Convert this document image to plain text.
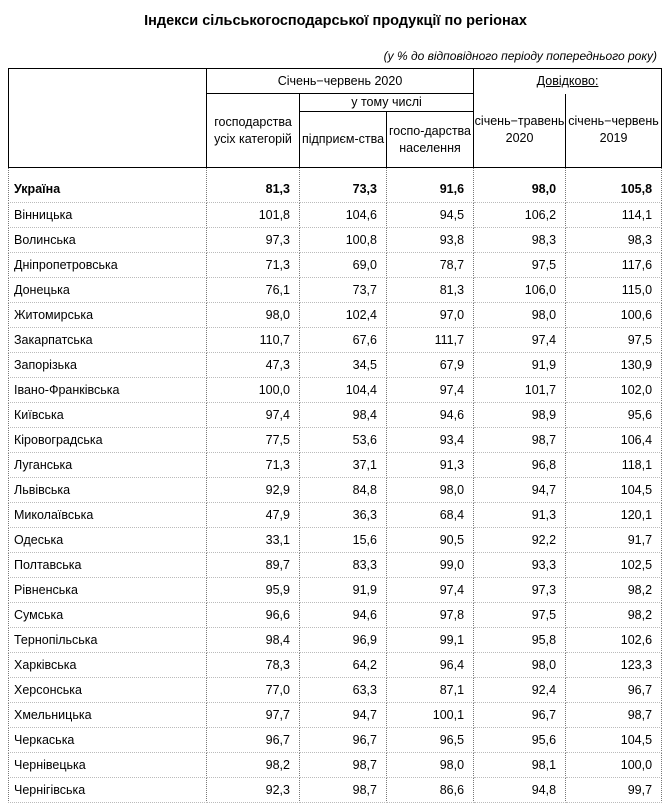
Індекси сільськогосподарської продукції по регіонах
(у % до відповідного періоду попереднього року)
	Січень−червень 2020			Довідково:	
	господарства усіх категорій	у тому числі		січень−травень 2020	січень−червень 2019
		підприєм-ства	госпо-дарства населення		
Україна	81,3	73,3	91,6	98,0	105,8
Вінницька	101,8	104,6	94,5	106,2	114,1
Волинська	97,3	100,8	93,8	98,3	98,3
Дніпропетровська	71,3	69,0	78,7	97,5	117,6
Донецька	76,1	73,7	81,3	106,0	115,0
Житомирська	98,0	102,4	97,0	98,0	100,6
Закарпатська	110,7	67,6	111,7	97,4	97,5
Запорізька	47,3	34,5	67,9	91,9	130,9
Івано-Франківська	100,0	104,4	97,4	101,7	102,0
Київська	97,4	98,4	94,6	98,9	95,6
Кіровоградська	77,5	53,6	93,4	98,7	106,4
Луганська	71,3	37,1	91,3	96,8	118,1
Львівська	92,9	84,8	98,0	94,7	104,5
Миколаївська	47,9	36,3	68,4	91,3	120,1
Одеська	33,1	15,6	90,5	92,2	91,7
Полтавська	89,7	83,3	99,0	93,3	102,5
Рівненська	95,9	91,9	97,4	97,3	98,2
Сумська	96,6	94,6	97,8	97,5	98,2
Тернопільська	98,4	96,9	99,1	95,8	102,6
Харківська	78,3	64,2	96,4	98,0	123,3
Херсонська	77,0	63,3	87,1	92,4	96,7
Хмельницька	97,7	94,7	100,1	96,7	98,7
Черкаська	96,7	96,7	96,5	95,6	104,5
Чернівецька	98,2	98,7	98,0	98,1	100,0
Чернігівська	92,3	98,7	86,6	94,8	99,7
